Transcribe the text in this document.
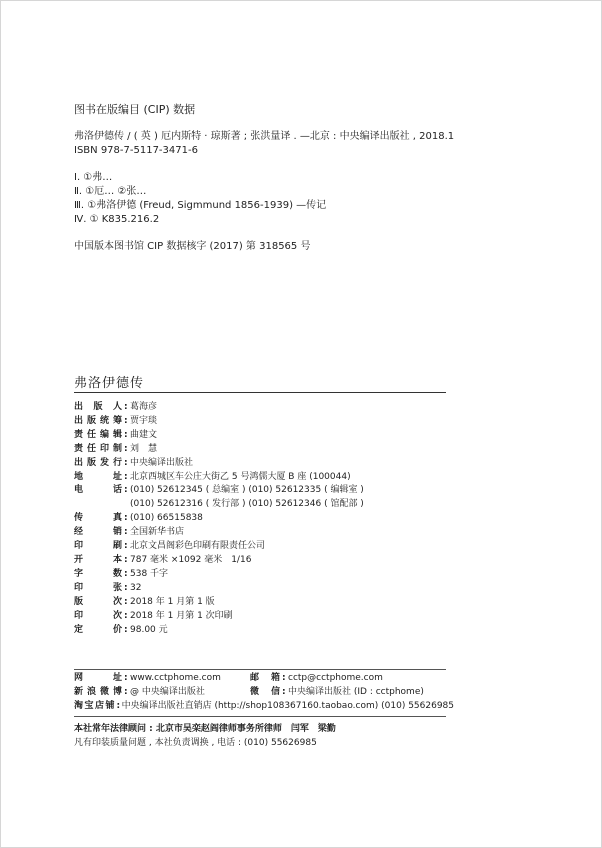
图书在版编目 (CIP) 数据
弗洛伊德传 / ( 英 ) 厄内斯特 · 琼斯著 ; 张洪量译 . —北京 : 中央编译出版社 , 2018.1
ISBN 978-7-5117-3471-6
Ⅰ. ①弗…
Ⅱ. ①厄… ②张…
Ⅲ. ①弗洛伊德 (Freud, Sigmmund 1856-1939) —传记
Ⅳ. ① K835.216.2
中国版本图书馆 CIP 数据核字 (2017) 第 318565 号
弗洛伊德传
出版人 : 葛海彦
出版统筹 : 贾宇琰
责任编辑 : 曲建文
责任印制 : 刘　慧
出版发行 : 中央编译出版社
地址 : 北京西城区车公庄大街乙 5 号鸿儒大厦 B 座 (100044)
电话 : (010) 52612345 ( 总编室 ) (010) 52612335 ( 编辑室 )
(010) 52612316 ( 发行部 ) (010) 52612346 ( 馆配部 )
传真 : (010) 66515838
经销 : 全国新华书店
印刷 : 北京文昌阁彩色印刷有限责任公司
开本 : 787 毫米 ×1092 毫米　1/16
字数 : 538 千字
印张 : 32
版次 : 2018 年 1 月第 1 版
印次 : 2018 年 1 月第 1 次印刷
定价 : 98.00 元
网址 : www.cctphome.com	邮箱 : cctp@cctphome.com
新浪微博 : @ 中央编译出版社	微信 : 中央编译出版社 (ID : cctphome)
淘宝店铺 : 中央编译出版社直销店 (http://shop108367160.taobao.com) (010) 55626985
本社常年法律顾问 : 北京市吴栾赵阎律师事务所律师　闫军　梁勤
凡有印装质量问题 , 本社负责调换 , 电话 : (010) 55626985
